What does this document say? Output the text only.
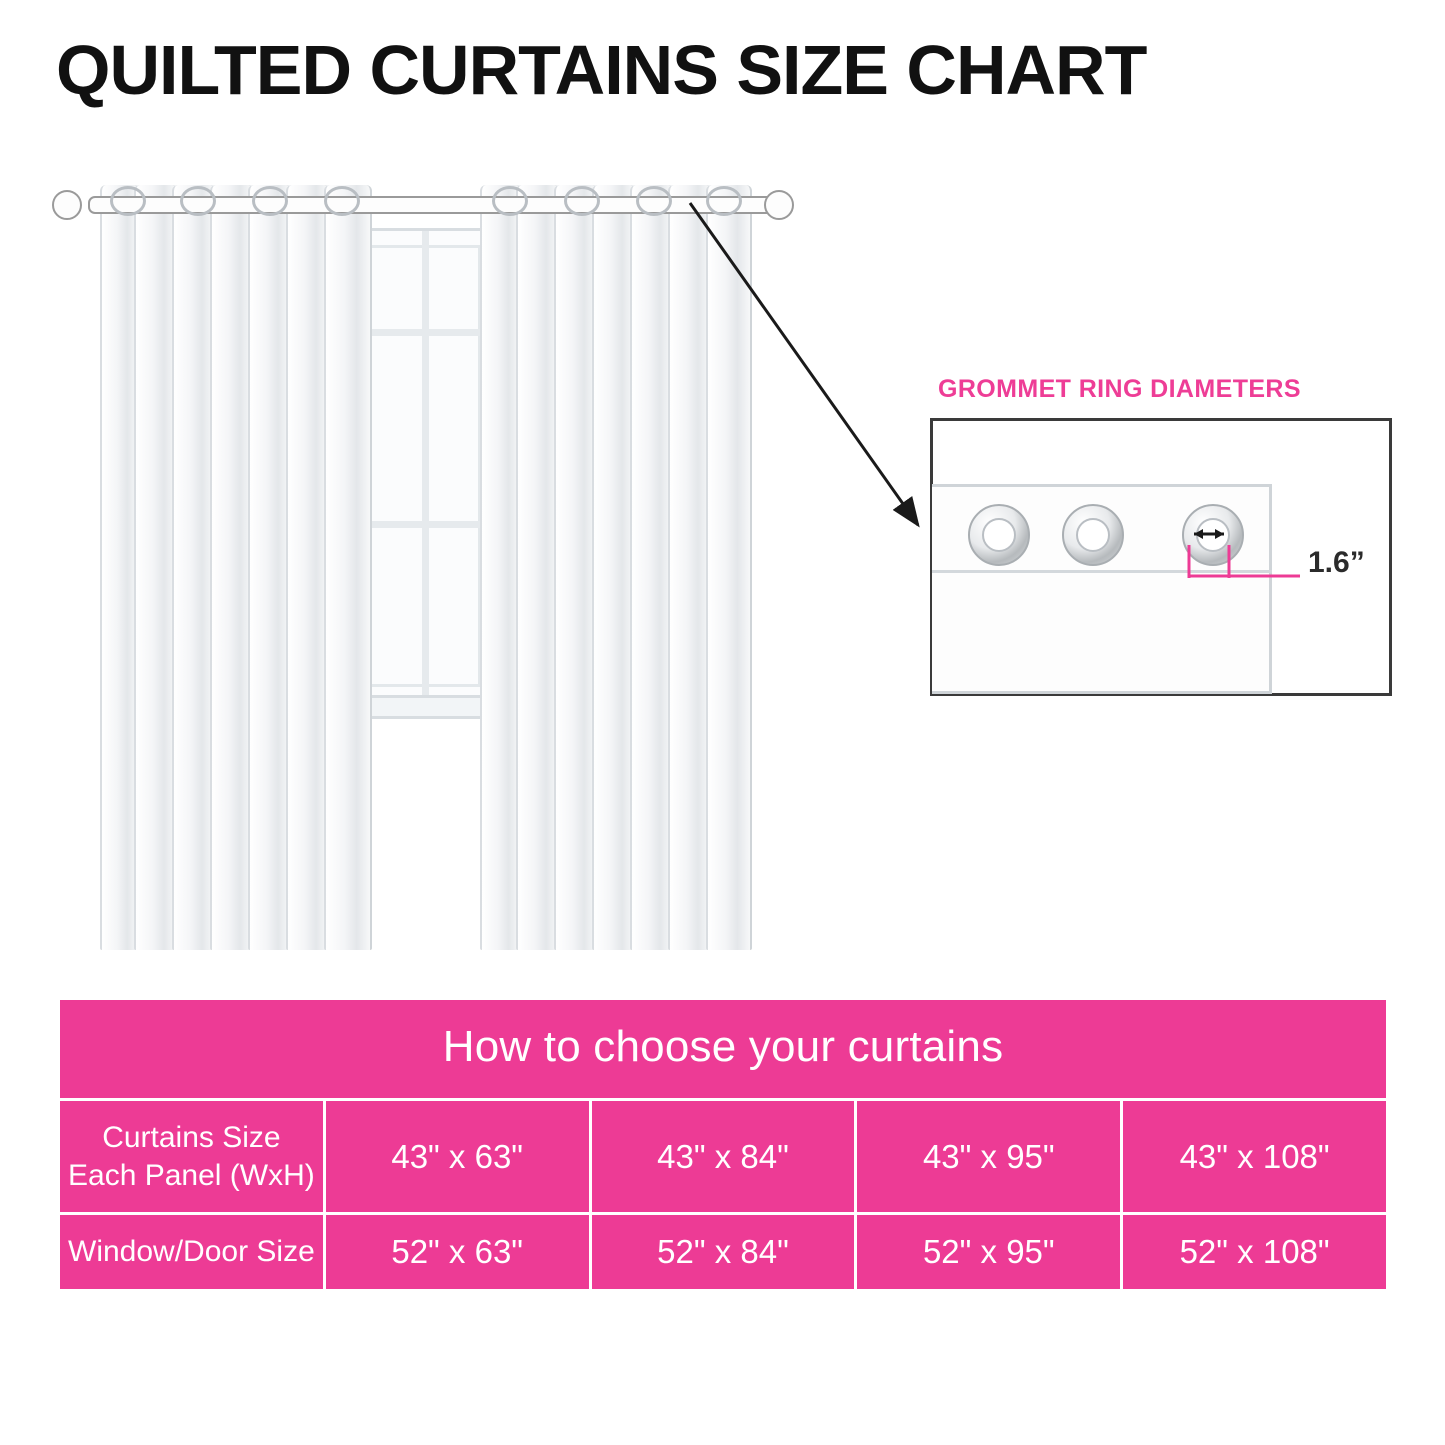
QUILTED CURTAINS SIZE CHART
GROMMET RING DIAMETERS
1.6”
How to choose your curtains				
Curtains Size Each Panel (WxH)	43" x 63"	43" x 84"	43" x 95"	43" x 108"
Window/Door Size	52" x 63"	52" x 84"	52" x 95"	52" x 108"
